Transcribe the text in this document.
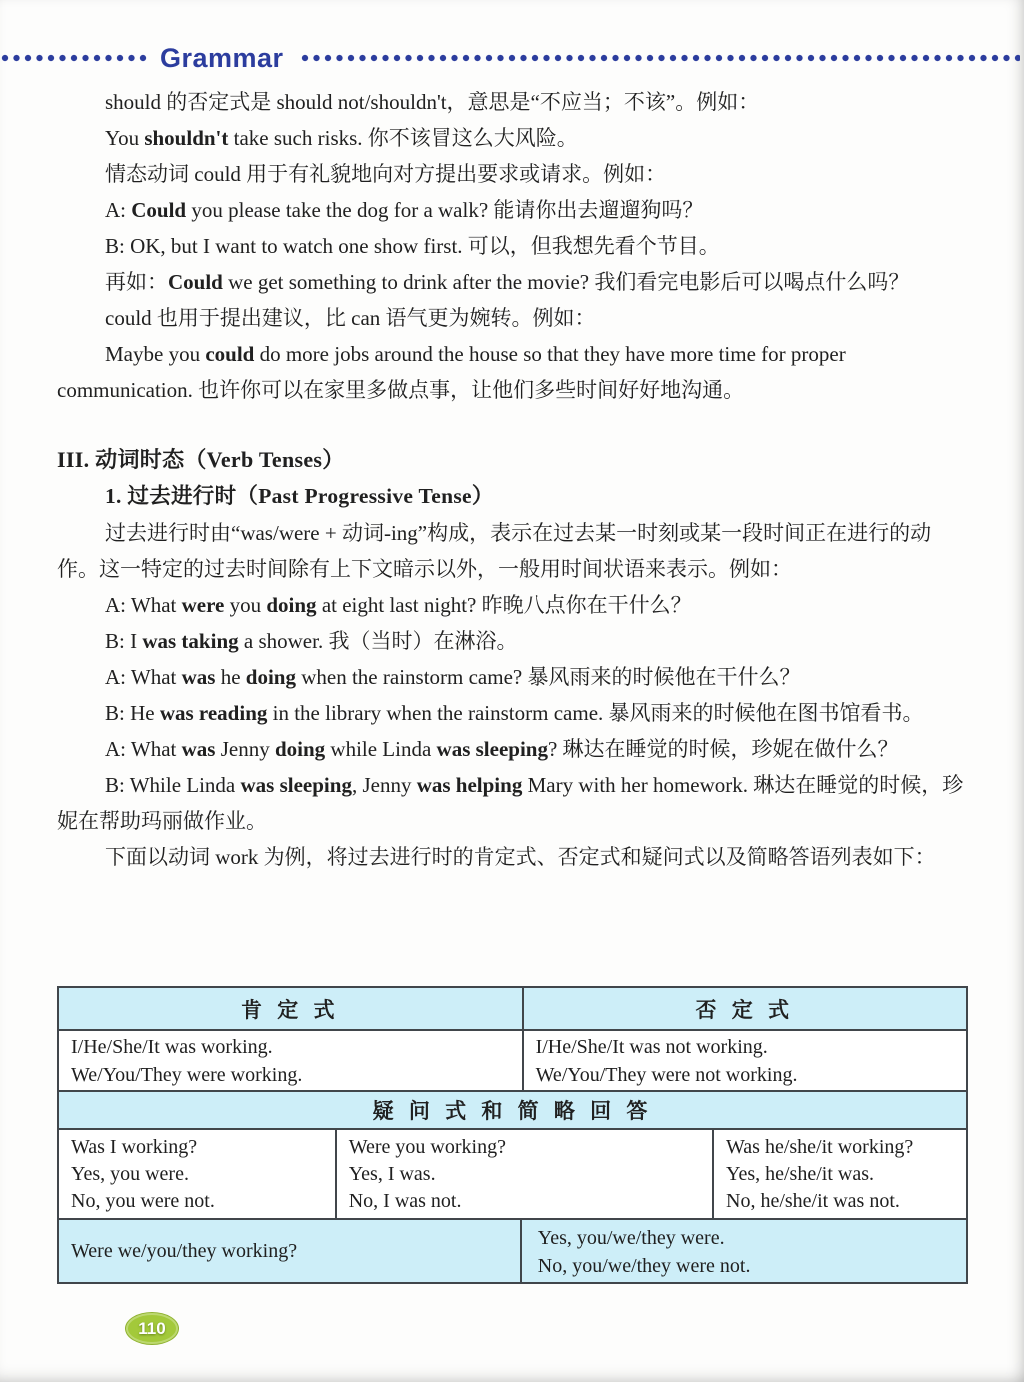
Grammar

should 的否定式是 should not/shouldn't，意思是“不应当；不该”。例如：

You shouldn't take such risks. 你不该冒这么大风险。

情态动词 could 用于有礼貌地向对方提出要求或请求。例如：

A: Could you please take the dog for a walk? 能请你出去遛遛狗吗？

B: OK, but I want to watch one show first. 可以，但我想先看个节目。

再如：Could we get something to drink after the movie? 我们看完电影后可以喝点什么吗？

could 也用于提出建议，比 can 语气更为婉转。例如：

Maybe you could do more jobs around the house so that they have more time for proper communication. 也许你可以在家里多做点事，让他们多些时间好好地沟通。

III. 动词时态（Verb Tenses）

1. 过去进行时（Past Progressive Tense）

过去进行时由“was/were + 动词-ing”构成，表示在过去某一时刻或某一段时间正在进行的动作。这一特定的过去时间除有上下文暗示以外，一般用时间状语来表示。例如：

A: What were you doing at eight last night? 昨晚八点你在干什么？

B: I was taking a shower. 我（当时）在淋浴。

A: What was he doing when the rainstorm came? 暴风雨来的时候他在干什么？

B: He was reading in the library when the rainstorm came. 暴风雨来的时候他在图书馆看书。

A: What was Jenny doing while Linda was sleeping? 琳达在睡觉的时候，珍妮在做什么？

B: While Linda was sleeping, Jenny was helping Mary with her homework. 琳达在睡觉的时候，珍妮在帮助玛丽做作业。

下面以动词 work 为例，将过去进行时的肯定式、否定式和疑问式以及简略答语列表如下：

肯 定 式	否 定 式
I/He/She/It was working.
We/You/They were working.
I/He/She/It was not working.
We/You/They were not working.
疑 问 式 和 简 略 回 答
Was I working?
Yes, you were.
No, you were not.
Were you working?
Yes, I was.
No, I was not.
Was he/she/it working?
Yes, he/she/it was.
No, he/she/it was not.
Were we/you/they working?
Yes, you/we/they were.
No, you/we/they were not.
110
